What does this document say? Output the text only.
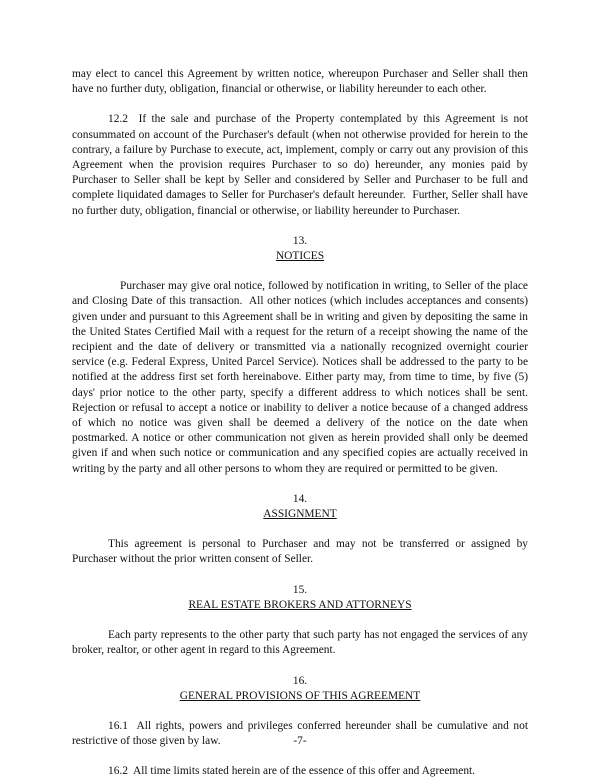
may elect to cancel this Agreement by written notice, whereupon Purchaser and Seller shall then have no further duty, obligation, financial or otherwise, or liability hereunder to each other.

12.2  If the sale and purchase of the Property contemplated by this Agreement is not consummated on account of the Purchaser's default (when not otherwise provided for herein to the contrary, a failure by Purchase to execute, act, implement, comply or carry out any provision of this Agreement when the provision requires Purchaser to so do) hereunder, any monies paid by Purchaser to Seller shall be kept by Seller and considered by Seller and Purchaser to be full and complete liquidated damages to Seller for Purchaser's default hereunder.  Further, Seller shall have no further duty, obligation, financial or otherwise, or liability hereunder to Purchaser.

13.
NOTICES

Purchaser may give oral notice, followed by notification in writing, to Seller of the place and Closing Date of this transaction.  All other notices (which includes acceptances and consents) given under and pursuant to this Agreement shall be in writing and given by depositing the same in the United States Certified Mail with a request for the return of a receipt showing the name of the recipient and the date of delivery or transmitted via a nationally recognized overnight courier service (e.g. Federal Express, United Parcel Service). Notices shall be addressed to the party to be notified at the address first set forth hereinabove. Either party may, from time to time, by five (5) days' prior notice to the other party, specify a different address to which notices shall be sent. Rejection or refusal to accept a notice or inability to deliver a notice because of a changed address of which no notice was given shall be deemed a delivery of the notice on the date when postmarked. A notice or other communication not given as herein provided shall only be deemed given if and when such notice or communication and any specified copies are actually received in writing by the party and all other persons to whom they are required or permitted to be given.

14.
ASSIGNMENT

This agreement is personal to Purchaser and may not be transferred or assigned by Purchaser without the prior written consent of Seller.

15.
REAL ESTATE BROKERS AND ATTORNEYS

Each party represents to the other party that such party has not engaged the services of any broker, realtor, or other agent in regard to this Agreement.

16.
GENERAL PROVISIONS OF THIS AGREEMENT

16.1  All rights, powers and privileges conferred hereunder shall be cumulative and not restrictive of those given by law.

16.2  All time limits stated herein are of the essence of this offer and Agreement.

-7-
